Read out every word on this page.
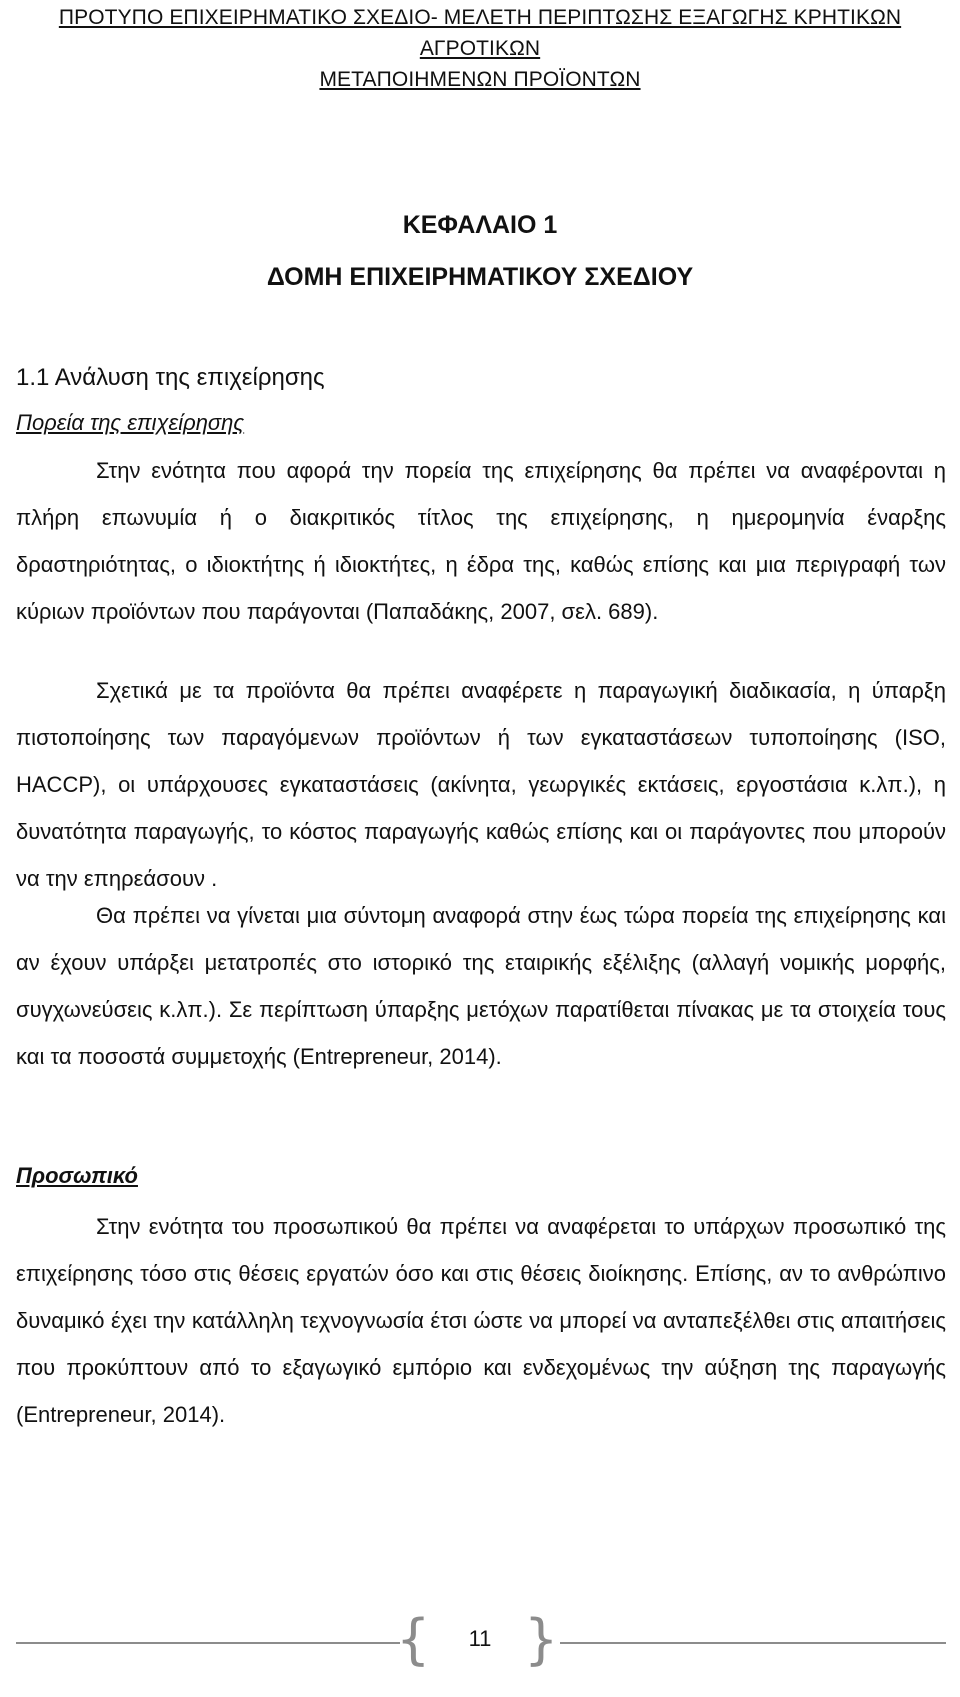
ΠΡΟΤΥΠΟ ΕΠΙΧΕΙΡΗΜΑΤΙΚΟ ΣΧΕΔΙΟ- ΜΕΛΕΤΗ ΠΕΡΙΠΤΩΣΗΣ ΕΞΑΓΩΓΗΣ ΚΡΗΤΙΚΩΝ ΑΓΡΟΤΙΚΩΝ
ΜΕΤΑΠΟΙΗΜΕΝΩΝ ΠΡΟΪΟΝΤΩΝ
ΚΕΦΑΛΑΙΟ 1
ΔΟΜΗ ΕΠΙΧΕΙΡΗΜΑΤΙΚΟΥ ΣΧΕΔΙΟΥ
1.1 Ανάλυση της επιχείρησης
Πορεία της επιχείρησης

Στην ενότητα που αφορά την πορεία της επιχείρησης θα πρέπει να αναφέρονται η πλήρη επωνυμία ή ο διακριτικός τίτλος της επιχείρησης, η ημερομηνία έναρξης δραστηριότητας, ο ιδιοκτήτης ή ιδιοκτήτες, η έδρα της, καθώς επίσης και μια περιγραφή των κύριων προϊόντων που παράγονται (Παπαδάκης, 2007, σελ. 689).

Σχετικά με τα προϊόντα θα πρέπει αναφέρετε η παραγωγική διαδικασία, η ύπαρξη πιστοποίησης των παραγόμενων προϊόντων ή των εγκαταστάσεων τυποποίησης (ISO, HACCP), οι υπάρχουσες εγκαταστάσεις (ακίνητα, γεωργικές εκτάσεις, εργοστάσια κ.λπ.), η δυνατότητα παραγωγής, το κόστος παραγωγής καθώς επίσης και οι παράγοντες που μπορούν να την επηρεάσουν .

Θα πρέπει να γίνεται μια σύντομη αναφορά στην έως τώρα πορεία της επιχείρησης και αν έχουν υπάρξει μετατροπές στο ιστορικό της εταιρικής εξέλιξης (αλλαγή νομικής μορφής, συγχωνεύσεις κ.λπ.). Σε περίπτωση ύπαρξης μετόχων παρατίθεται πίνακας με τα στοιχεία τους και τα ποσοστά συμμετοχής (Entrepreneur, 2014).

Προσωπικό

Στην ενότητα του προσωπικού θα πρέπει να αναφέρεται το υπάρχων προσωπικό της επιχείρησης τόσο στις θέσεις εργατών όσο και στις θέσεις διοίκησης. Επίσης, αν το ανθρώπινο δυναμικό έχει την κατάλληλη τεχνογνωσία έτσι ώστε να μπορεί να ανταπεξέλθει στις απαιτήσεις που προκύπτουν από το εξαγωγικό εμπόριο και ενδεχομένως την αύξηση της παραγωγής (Entrepreneur, 2014).

{	11 }
